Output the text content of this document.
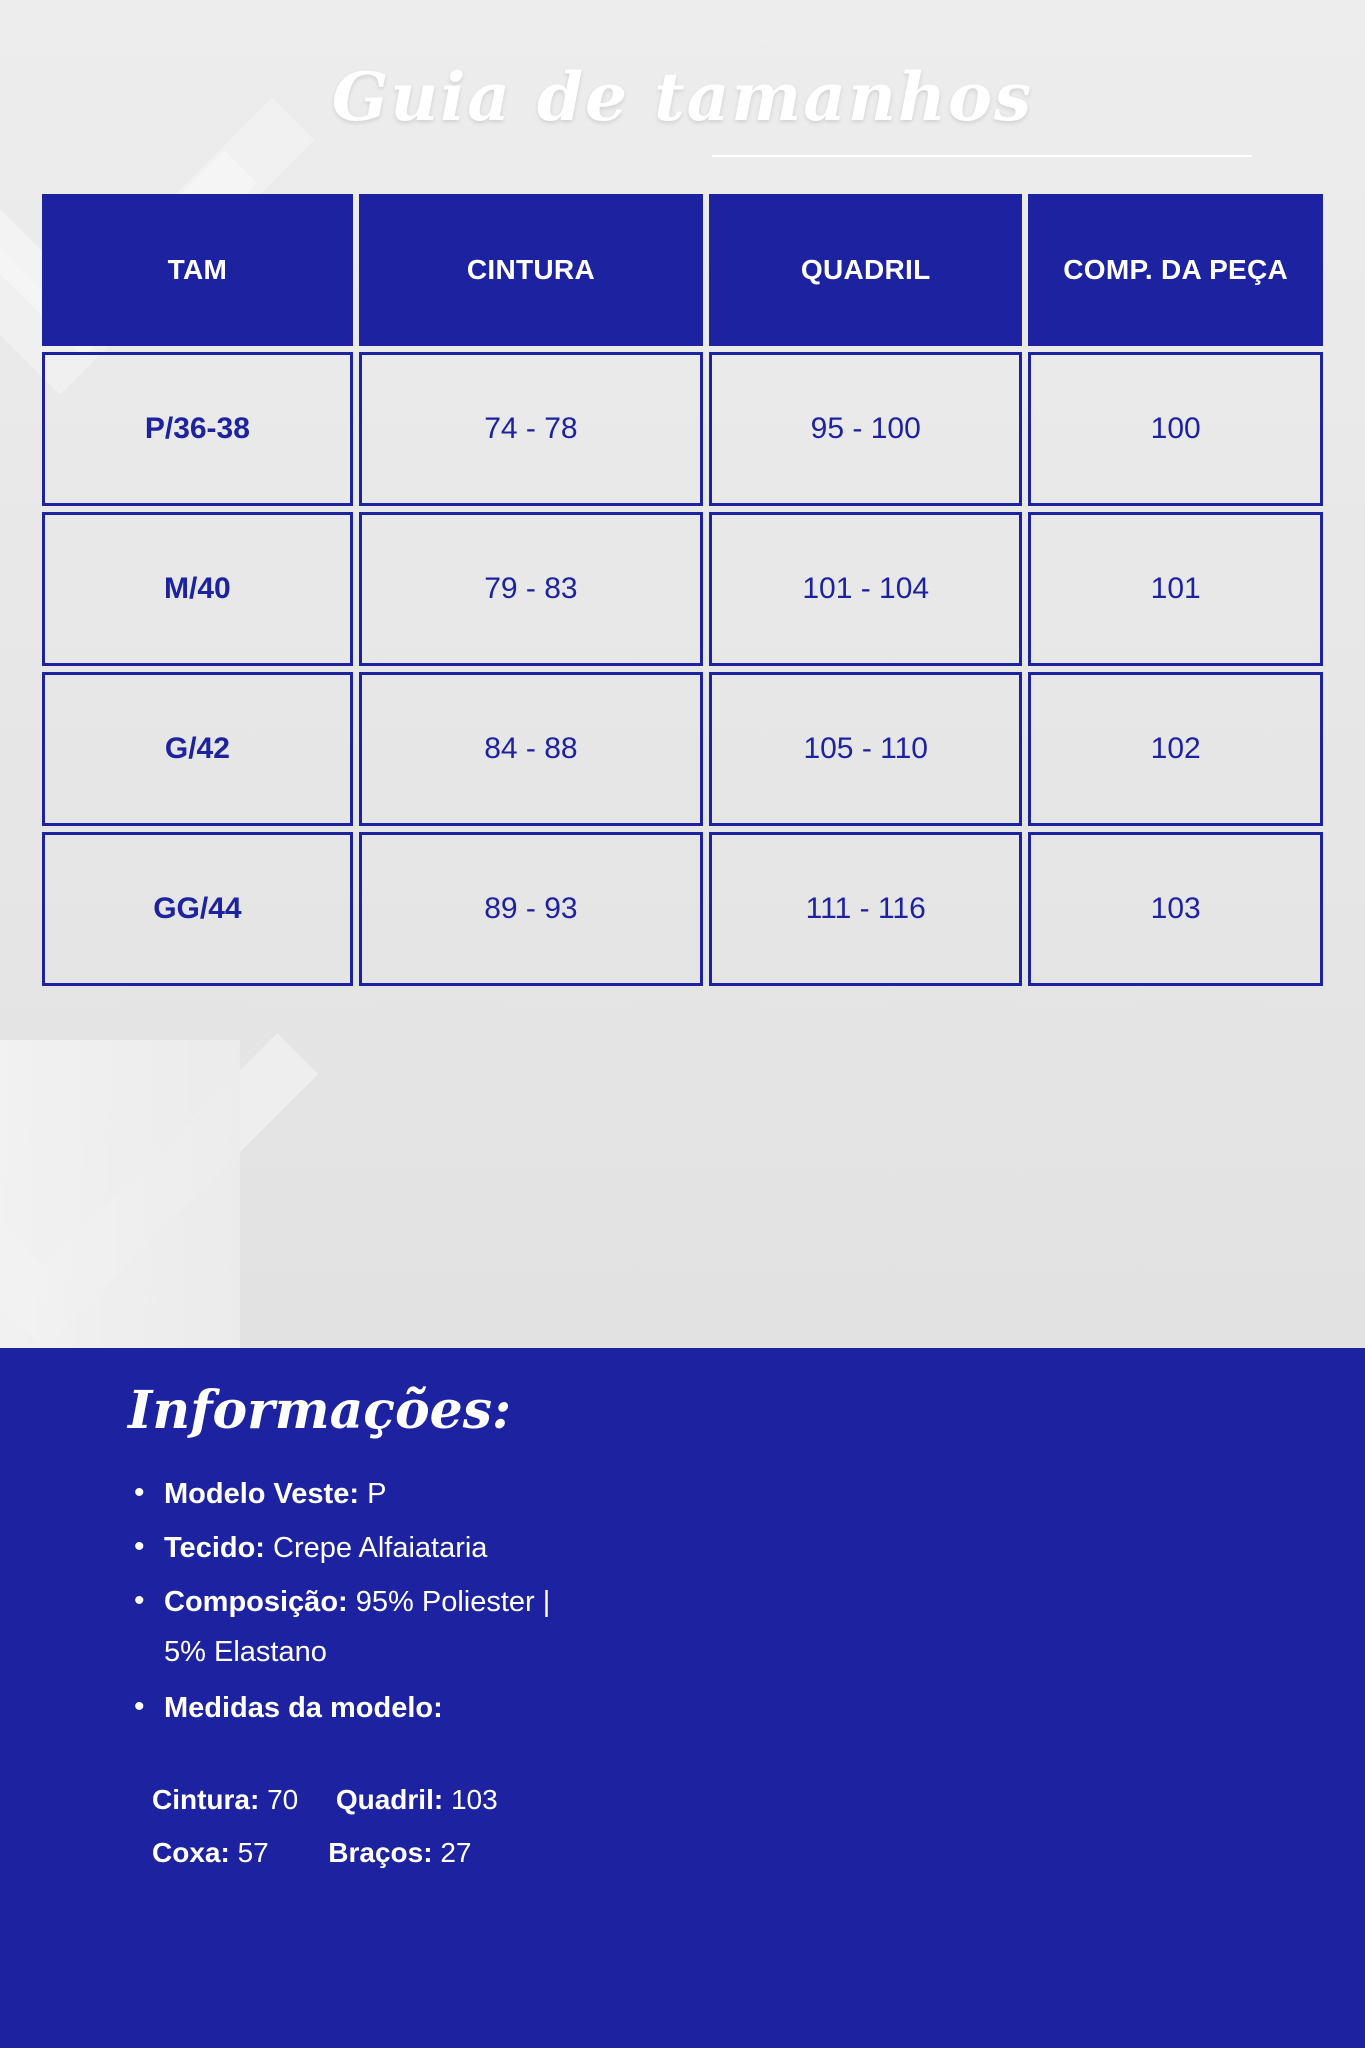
Guia de tamanhos
TAM	CINTURA	QUADRIL	COMP. DA PEÇA
P/36-38	74 - 78	95 - 100	100
M/40	79 - 83	101 - 104	101
G/42	84 - 88	105 - 110	102
GG/44	89 - 93	111 - 116	103
Informações:
• Modelo Veste: P
• Tecido: Crepe Alfaiataria
• Composição: 95% Poliester |
5% Elastano
• Medidas da modelo:
Cintura: 70 Quadril: 103
Coxa: 57 Braços: 27
